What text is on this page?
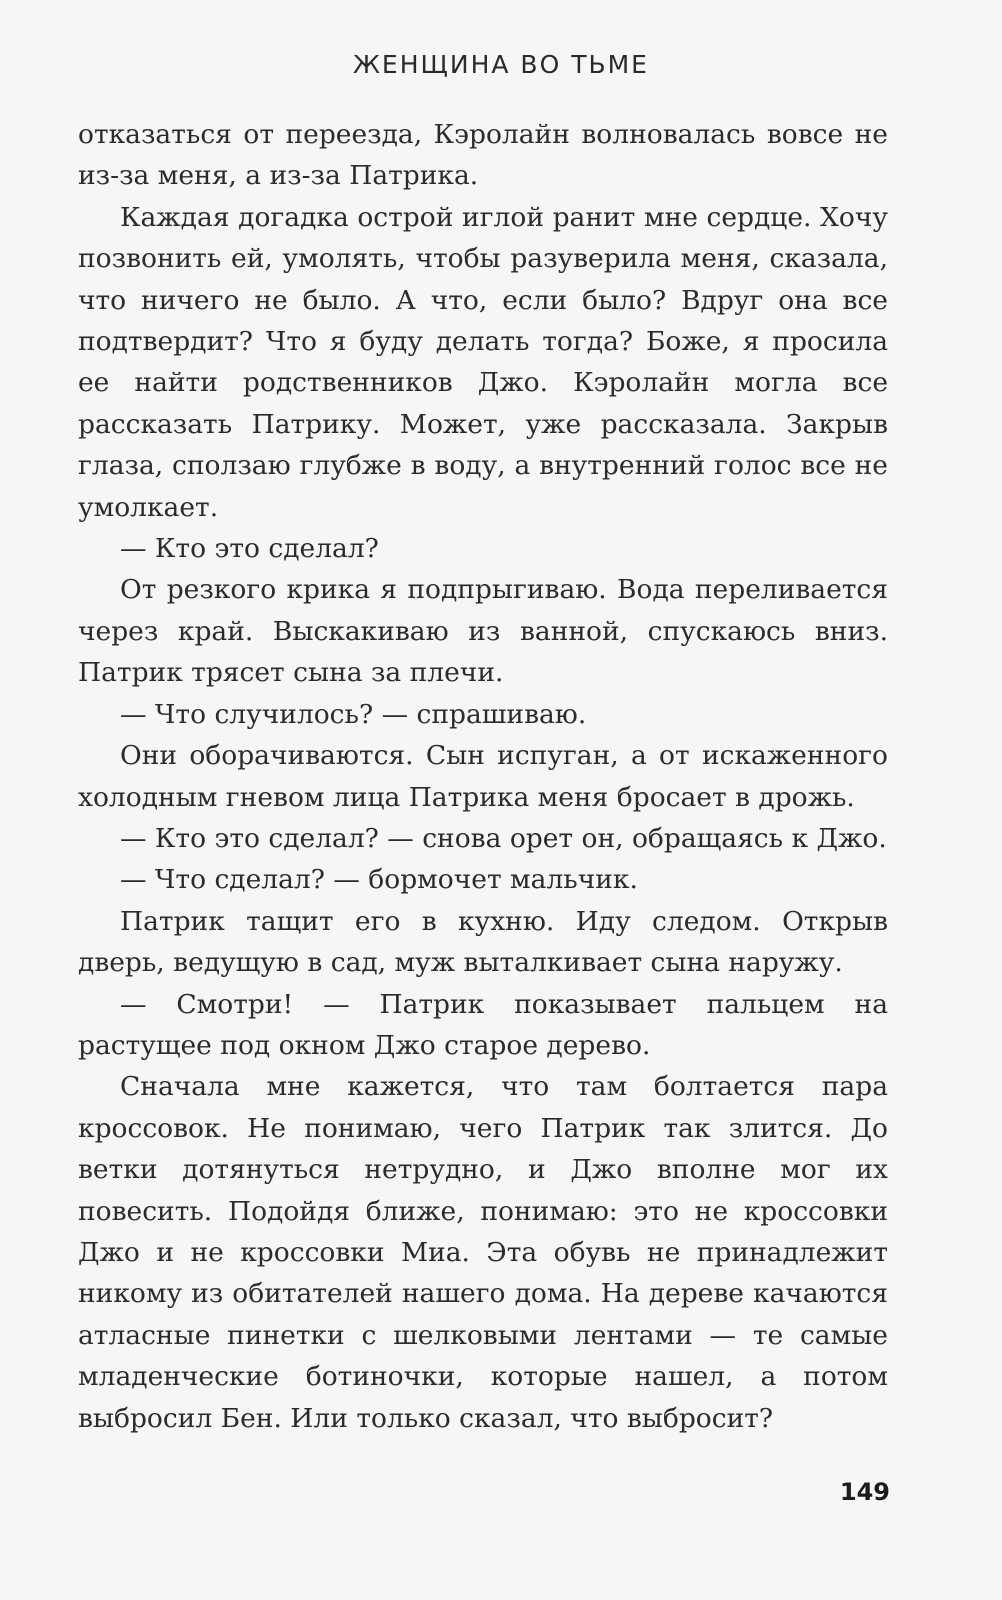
ЖЕНЩИНА ВО ТЬМЕ

отказаться от переезда, Кэролайн волновалась вовсе не из-за меня, а из-за Патрика.

Каждая догадка острой иглой ранит мне сердце. Хочу позвонить ей, умолять, чтобы разуверила меня, сказала, что ничего не было. А что, если было? Вдруг она все подтвердит? Что я буду делать тогда? Боже, я просила ее найти родственников Джо. Кэролайн могла все рассказать Патрику. Может, уже рассказала. Закрыв глаза, сползаю глубже в воду, а внутренний голос все не умолкает.

— Кто это сделал?

От резкого крика я подпрыгиваю. Вода переливается через край. Выскакиваю из ванной, спускаюсь вниз. Патрик трясет сына за плечи.

— Что случилось? — спрашиваю.

Они оборачиваются. Сын испуган, а от искаженного холодным гневом лица Патрика меня бросает в дрожь.

— Кто это сделал? — снова орет он, обращаясь к Джо.

— Что сделал? — бормочет мальчик.

Патрик тащит его в кухню. Иду следом. Открыв дверь, ведущую в сад, муж выталкивает сына наружу.

— Смотри! — Патрик показывает пальцем на растущее под окном Джо старое дерево.

Сначала мне кажется, что там болтается пара кроссовок. Не понимаю, чего Патрик так злится. До ветки дотянуться нетрудно, и Джо вполне мог их повесить. Подойдя ближе, понимаю: это не кроссовки Джо и не кроссовки Миа. Эта обувь не принадлежит никому из обитателей нашего дома. На дереве качаются атласные пинетки с шелковыми лентами — те самые младенческие ботиночки, которые нашел, а потом выбросил Бен. Или только сказал, что выбросит?

149
